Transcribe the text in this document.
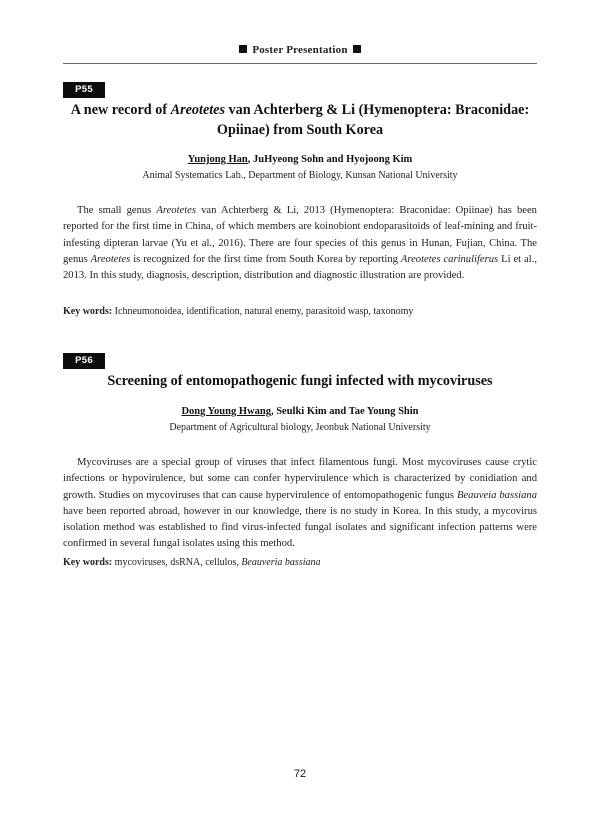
Poster Presentation
P55
A new record of Areotetes van Achterberg & Li (Hymenoptera: Braconidae: Opiinae) from South Korea
Yunjong Han, JuHyeong Sohn and Hyojoong Kim
Animal Systematics Lab., Department of Biology, Kunsan National University

The small genus Areotetes van Achterberg & Li, 2013 (Hymenoptera: Braconidae: Opiinae) has been reported for the first time in China, of which members are koinobiont endoparasitoids of leaf-mining and fruit-infesting dipteran larvae (Yu et al., 2016). There are four species of this genus in Hunan, Fujian, China. The genus Areotetes is recognized for the first time from South Korea by reporting Areotetes carinuliferus Li et al., 2013. In this study, diagnosis, description, distribution and diagnostic illustration are provided.

Key words: Ichneumonoidea, identification, natural enemy, parasitoid wasp, taxonomy
P56
Screening of entomopathogenic fungi infected with mycoviruses
Dong Young Hwang, Seulki Kim and Tae Young Shin
Department of Agricultural biology, Jeonbuk National University

Mycoviruses are a special group of viruses that infect filamentous fungi. Most mycoviruses cause crytic infections or hypovirulence, but some can confer hypervirulence which is characterized by conidiation and growth. Studies on mycoviruses that can cause hypervirulence of entomopathogenic fungus Beauveia bassiana have been reported abroad, however in our knowledge, there is no study in Korea. In this study, a mycovirus isolation method was established to find virus-infected fungal isolates and significant infection patterns were confirmed in several fungal isolates using this method.

Key words: mycoviruses, dsRNA, cellulos, Beauveria bassiana
72
